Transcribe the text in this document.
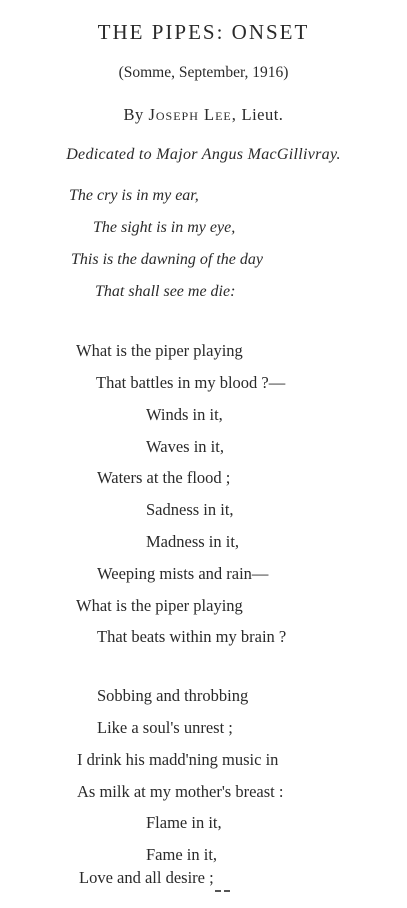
THE PIPES: ONSET
(Somme, September, 1916)
By Joseph Lee, Lieut.
Dedicated to Major Angus MacGillivray.
The cry is in my ear,
The sight is in my eye,
This is the dawning of the day
That shall see me die:
What is the piper playing
That battles in my blood ?—
Winds in it,
Waves in it,
Waters at the flood ;
Sadness in it,
Madness in it,
Weeping mists and rain—
What is the piper playing
That beats within my brain ?
Sobbing and throbbing
Like a soul's unrest ;
I drink his madd'ning music in
As milk at my mother's breast :
Flame in it,
Fame in it,
Love and all desire ;
